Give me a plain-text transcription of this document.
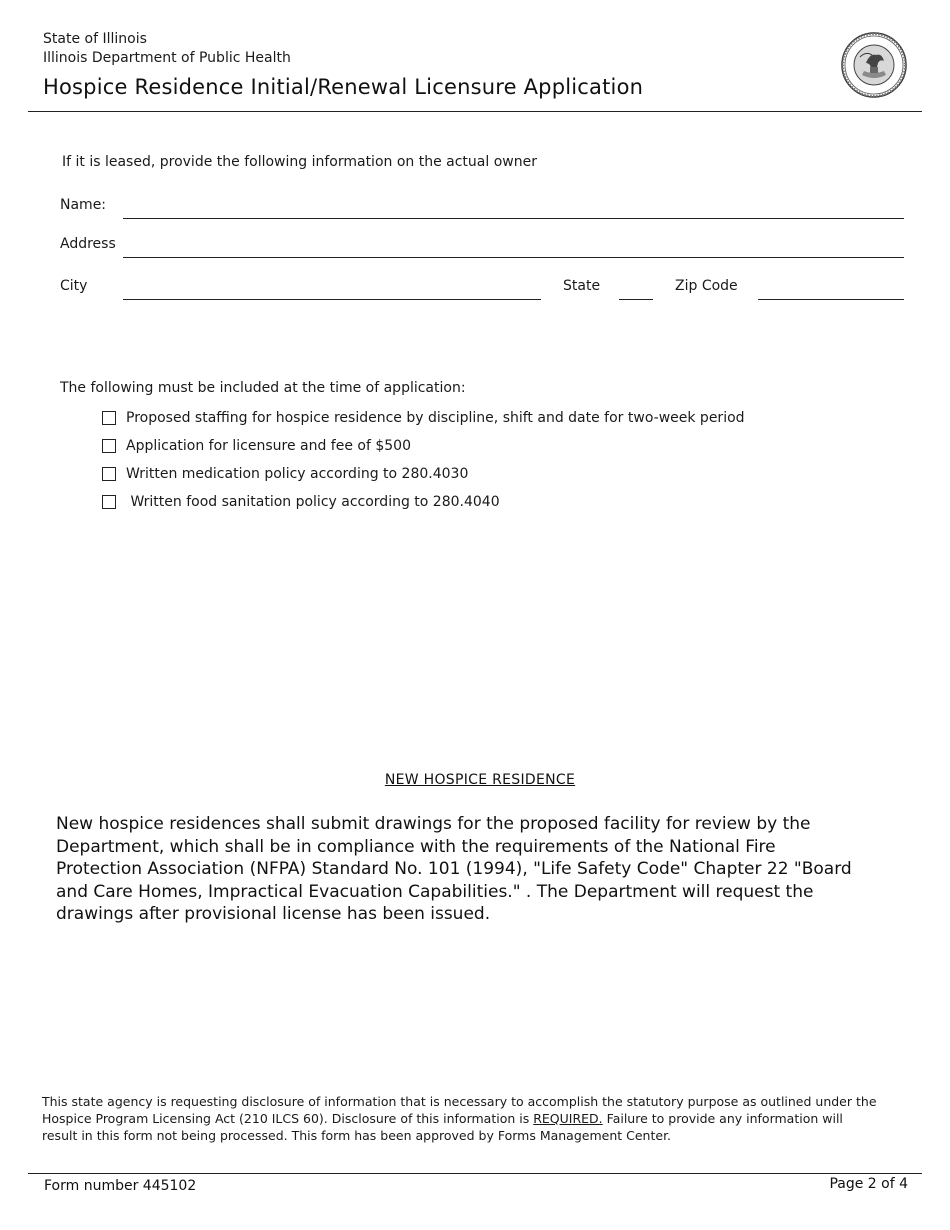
State of Illinois
Illinois Department of Public Health
Hospice Residence Initial/Renewal Licensure Application
If it is leased, provide the following information on the actual owner
Name:
Address
City	State	Zip Code
The following must be included at the time of application:
Proposed staffing for hospice residence by discipline, shift and date for two-week period
Application for licensure and fee of $500
Written medication policy according to 280.4030
Written food sanitation policy according to 280.4040
NEW HOSPICE RESIDENCE
New hospice residences shall submit drawings for the proposed facility for review by the Department, which shall be in compliance with the requirements of the National Fire Protection Association (NFPA) Standard No. 101 (1994), "Life Safety Code" Chapter 22 "Board and Care Homes, Impractical Evacuation Capabilities." . The Department will request the drawings after provisional license has been issued.
This state agency is requesting disclosure of information that is necessary to accomplish the statutory purpose as outlined under the Hospice Program Licensing Act (210 ILCS 60). Disclosure of this information is REQUIRED. Failure to provide any information will result in this form not being processed. This form has been approved by Forms Management Center.
Form number 445102	Page 2 of 4
